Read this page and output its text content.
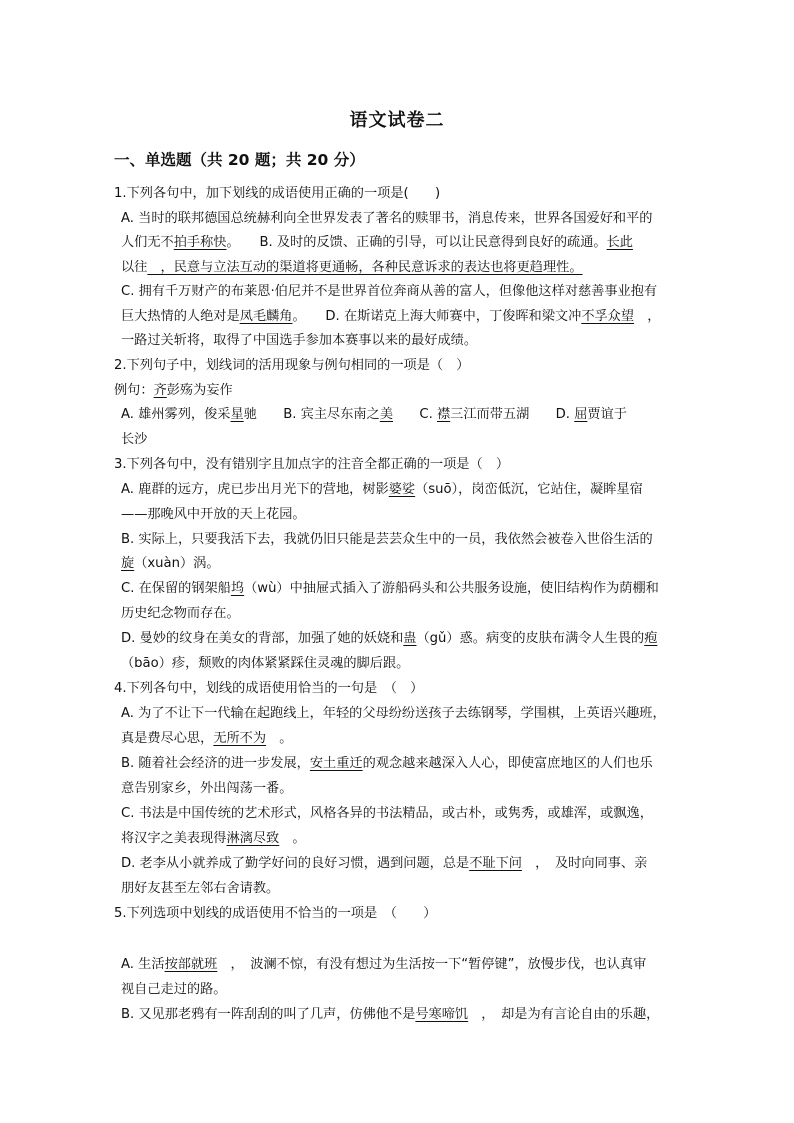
语文试卷二
一、单选题（共 20 题；共 20 分）
1.下列各句中，加下划线的成语使用正确的一项是(　　)
A. 当时的联邦德国总统赫利向全世界发表了著名的赎罪书，消息传来，世界各国爱好和平的
人们无不拍手称快。　　B. 及时的反馈、正确的引导，可以让民意得到良好的疏通。长此
以往　，民意与立法互动的渠道将更通畅，各种民意诉求的表达也将更趋理性。
C. 拥有千万财产的布莱恩·伯尼并不是世界首位奔商从善的富人，但像他这样对慈善事业抱有
巨大热情的人绝对是凤毛麟角。　　D. 在斯诺克上海大师赛中，丁俊晖和梁文冲不孚众望　，
一路过关斩将，取得了中国选手参加本赛事以来的最好成绩。
2.下列句子中，划线词的活用现象与例句相同的一项是（　）
例句：齐彭殇为妄作
A. 雄州雾列，俊采星驰　　B. 宾主尽东南之美　　C. 襟三江而带五湖　　D. 屈贾谊于
长沙
3.下列各句中，没有错别字且加点字的注音全都正确的一项是（　）
A. 鹿群的远方，虎已步出月光下的营地，树影婆娑（suō），岗峦低沉，它站住，凝眸星宿
——那晚风中开放的天上花园。
B. 实际上，只要我活下去，我就仍旧只能是芸芸众生中的一员，我依然会被卷入世俗生活的
旋（xuàn）涡。
C. 在保留的钢架船坞（wù）中抽屉式插入了游船码头和公共服务设施，使旧结构作为荫棚和
历史纪念物而存在。
D. 曼妙的纹身在美女的背部，加强了她的妖娆和蛊（gǔ）惑。病变的皮肤布满令人生畏的疱
（bāo）疹，颓败的肉体紧紧踩住灵魂的脚后跟。
4.下列各句中，划线的成语使用恰当的一句是　（　）
A. 为了不让下一代输在起跑线上，年轻的父母纷纷送孩子去练钢琴，学围棋，上英语兴趣班，
真是费尽心思，无所不为　。
B. 随着社会经济的进一步发展，安土重迁的观念越来越深入人心，即使富庶地区的人们也乐
意告别家乡，外出闯荡一番。
C. 书法是中国传统的艺术形式，风格各异的书法精品，或古朴，或隽秀，或雄浑，或飘逸，
将汉字之美表现得淋漓尽致　。
D. 老李从小就养成了勤学好问的良好习惯，遇到问题，总是不耻下问　，　及时向同事、亲
朋好友甚至左邻右舍请教。
5.下列选项中划线的成语使用不恰当的一项是　（　　）
A. 生活按部就班　，　波澜不惊，有没有想过为生活按一下“暂停键”，放慢步伐，也认真审
视自己走过的路。
B. 又见那老鸦有一阵刮刮的叫了几声，仿佛他不是号寒啼饥　，　却是为有言论自由的乐趣，
